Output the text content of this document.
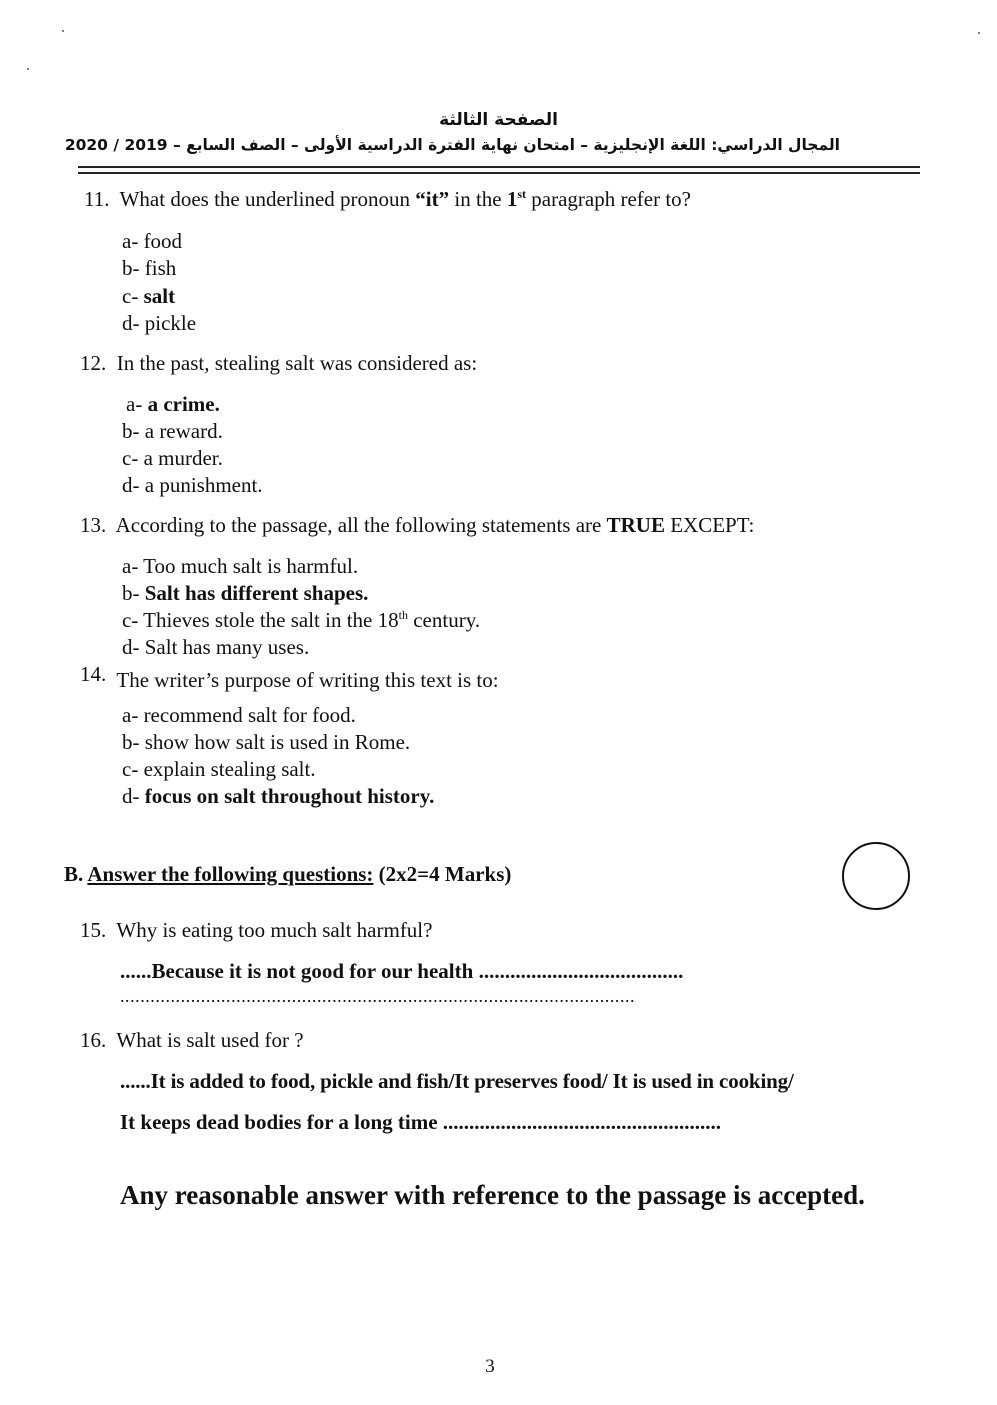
الصفحة الثالثة
المجال الدراسي: اللغة الإنجليزية – امتحان نهاية الفترة الدراسية الأولى – الصف السابع – 2019 / 2020
11. What does the underlined pronoun “it” in the 1st paragraph refer to?
a- food
b- fish
c- salt
d- pickle
12. In the past, stealing salt was considered as:
a- a crime.
b- a reward.
c- a murder.
d- a punishment.
13. According to the passage, all the following statements are TRUE EXCEPT:
a- Too much salt is harmful.
b- Salt has different shapes.
c- Thieves stole the salt in the 18th century.
d- Salt has many uses.
14. The writer’s purpose of writing this text is to:
a- recommend salt for food.
b- show how salt is used in Rome.
c- explain stealing salt.
d- focus on salt throughout history.
B. Answer the following questions: (2x2=4 Marks)
15. Why is eating too much salt harmful?
......Because it is not good for our health .......................................
......................................................................................................
16. What is salt used for ?
......It is added to food, pickle and fish/It preserves food/ It is used in cooking/
It keeps dead bodies for a long time .....................................................
Any reasonable answer with reference to the passage is accepted.
3
